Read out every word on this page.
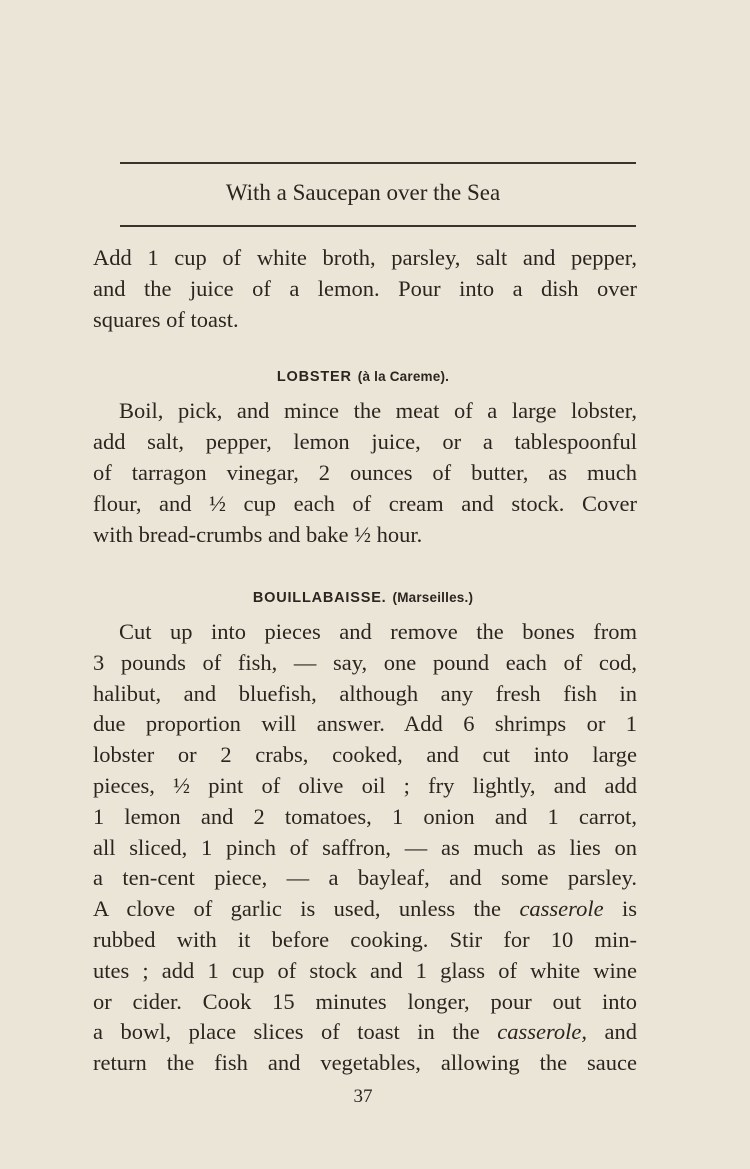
With a Saucepan over the Sea
Add 1 cup of white broth, parsley, salt and pepper,
and the juice of a lemon. Pour into a dish over
squares of toast.
LOBSTER (à la Careme).
Boil, pick, and mince the meat of a large lobster,
add salt, pepper, lemon juice, or a tablespoonful
of tarragon vinegar, 2 ounces of butter, as much
flour, and ½ cup each of cream and stock. Cover
with bread-crumbs and bake ½ hour.
BOUILLABAISSE. (Marseilles.)
Cut up into pieces and remove the bones from
3 pounds of fish, — say, one pound each of cod,
halibut, and bluefish, although any fresh fish in
due proportion will answer. Add 6 shrimps or 1
lobster or 2 crabs, cooked, and cut into large
pieces, ½ pint of olive oil ; fry lightly, and add
1 lemon and 2 tomatoes, 1 onion and 1 carrot,
all sliced, 1 pinch of saffron, — as much as lies on
a ten-cent piece, — a bayleaf, and some parsley.
A clove of garlic is used, unless the casserole is
rubbed with it before cooking. Stir for 10 min-
utes ; add 1 cup of stock and 1 glass of white wine
or cider. Cook 15 minutes longer, pour out into
a bowl, place slices of toast in the casserole, and
return the fish and vegetables, allowing the sauce
37
